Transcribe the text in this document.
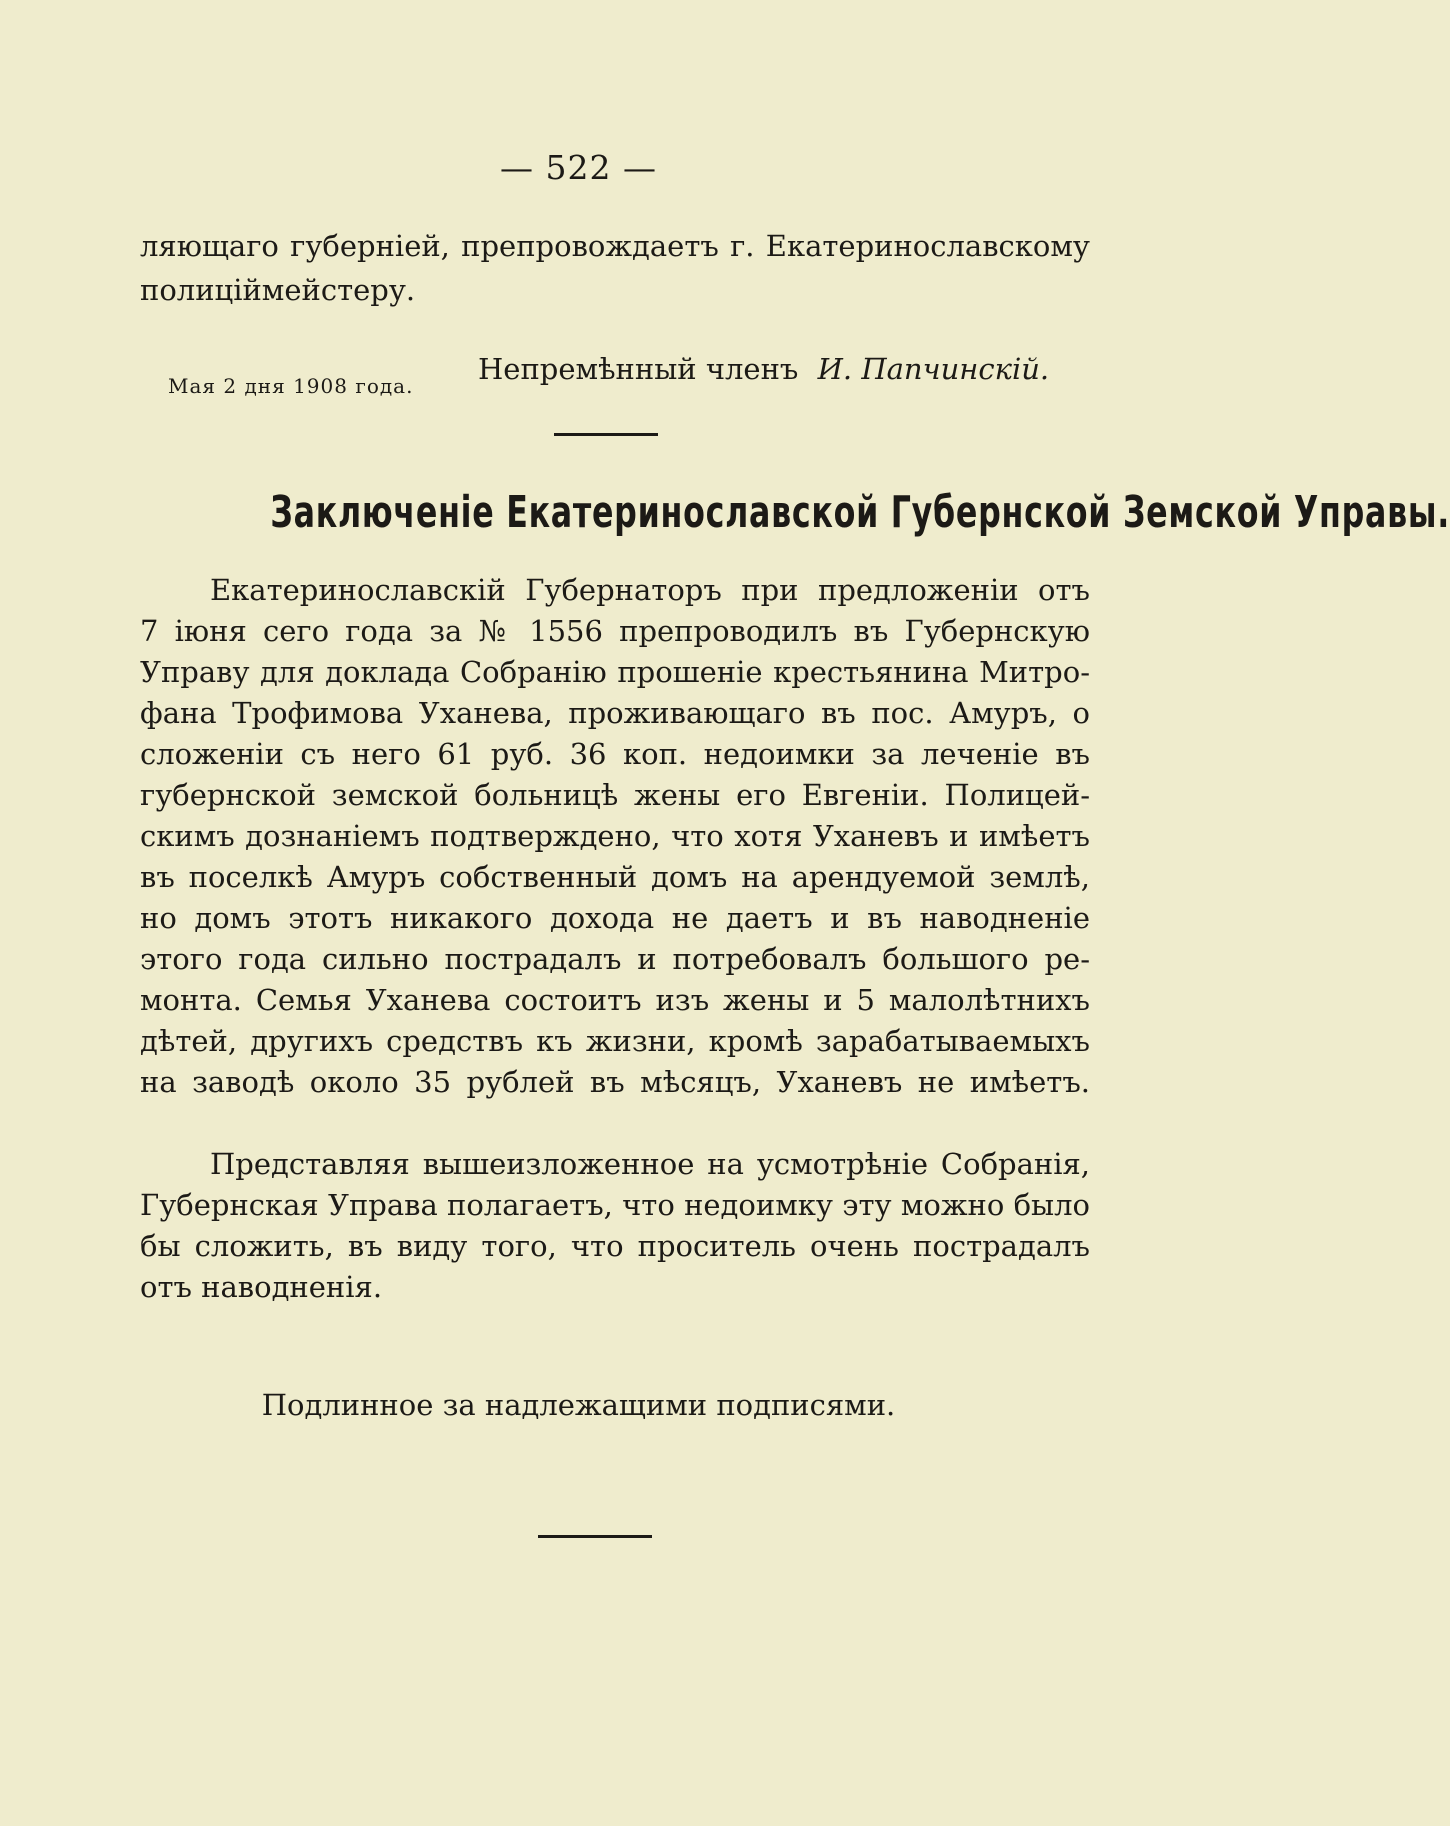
— 522 —
ляющаго губерніей, препровождаетъ г. Екатеринославскому
полицiймейстеру.
Непремѣнный членъ И. Папчинскій.
Мая 2 дня 1908 года.
Заключеніе Екатеринославской Губернской Земской Управы.
Екатеринославскій Губернаторъ при предложеніи отъ
7 іюня сего года за № 1556 препроводилъ въ Губернскую
Управу для доклада Собранію прошеніе крестьянина Митро-
фана Трофимова Уханева, проживающаго въ пос. Амуръ, о
сложеніи съ него 61 руб. 36 коп. недоимки за леченіе въ
губернской земской больницѣ жены его Евгеніи. Полицей-
скимъ дознаніемъ подтверждено, что хотя Уханевъ и имѣетъ
въ поселкѣ Амуръ собственный домъ на арендуемой землѣ,
но домъ этотъ никакого дохода не даетъ и въ наводненіе
этого года сильно пострадалъ и потребовалъ большого ре-
монта. Семья Уханева состоитъ изъ жены и 5 малолѣтнихъ
дѣтей, другихъ средствъ къ жизни, кромѣ зарабатываемыхъ
на заводѣ около 35 рублей въ мѣсяцъ, Уханевъ не имѣетъ.
Представляя вышеизложенное на усмотрѣніе Собранія,
Губернская Управа полагаетъ, что недоимку эту можно было
бы сложить, въ виду того, что проситель очень пострадалъ
отъ наводненія.
Подлинное за надлежащими подписями.
